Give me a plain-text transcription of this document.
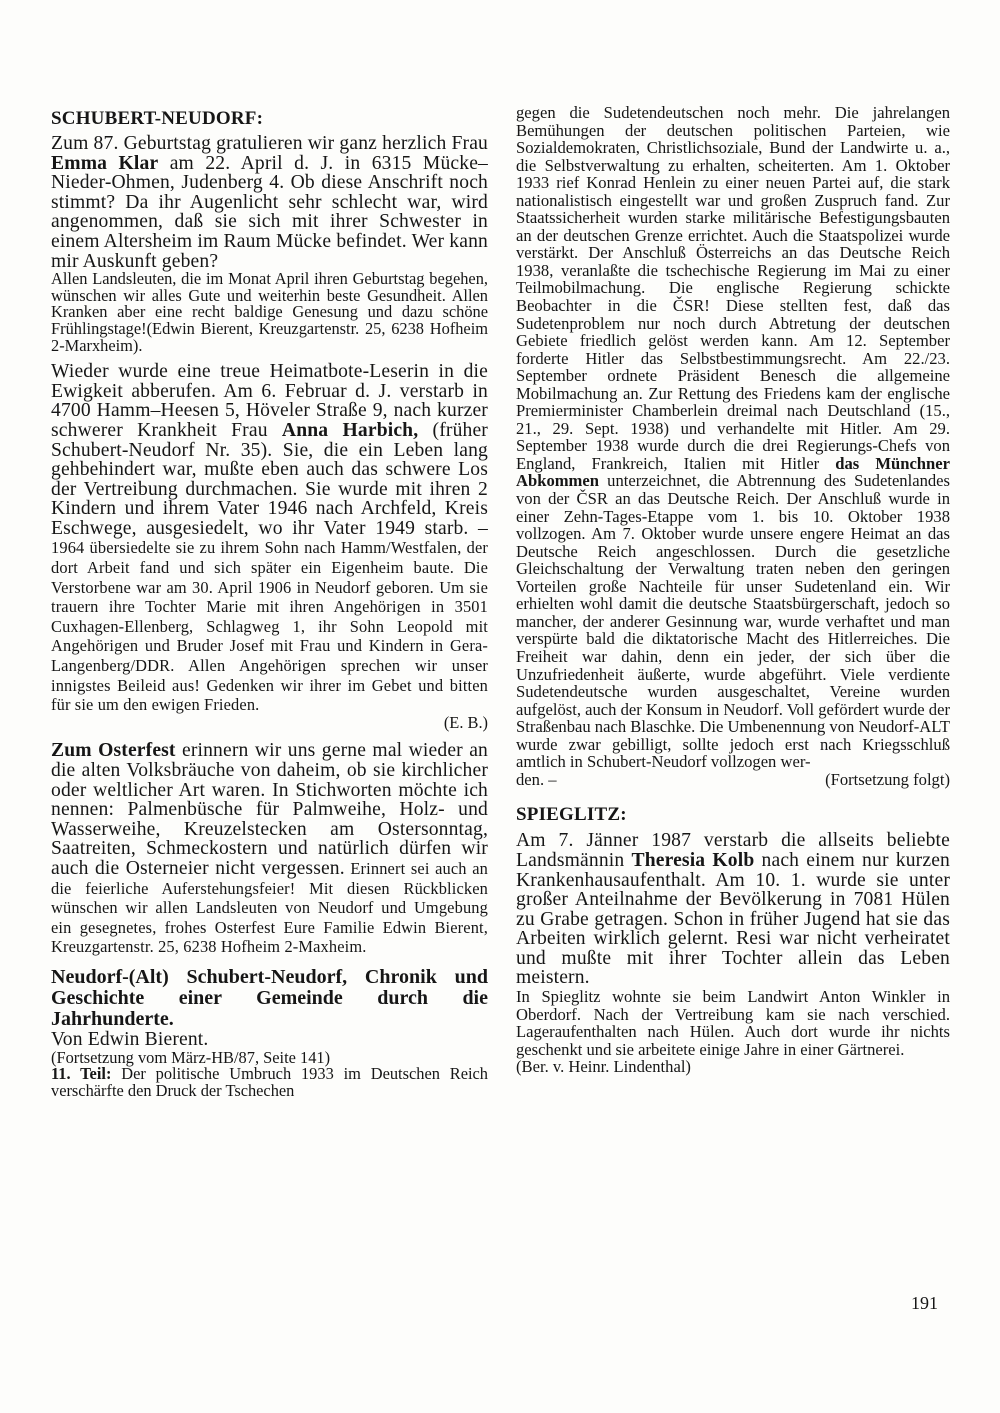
SCHUBERT-NEUDORF:

Zum 87. Geburtstag gratulieren wir ganz herzlich Frau Emma Klar am 22. April d. J. in 6315 Mücke–Nieder-Ohmen, Judenberg 4. Ob diese Anschrift noch stimmt? Da ihr Augenlicht sehr schlecht war, wird angenommen, daß sie sich mit ihrer Schwester in einem Altersheim im Raum Mücke befindet. Wer kann mir Auskunft geben?

Allen Landsleuten, die im Monat April ihren Geburtstag begehen, wünschen wir alles Gute und weiterhin beste Gesundheit. Allen Kranken aber eine recht baldige Genesung und dazu schöne Frühlingstage!(Edwin Bierent, Kreuzgartenstr. 25, 6238 Hofheim 2-Marxheim).

Wieder wurde eine treue Heimatbote-Leserin in die Ewigkeit abberufen. Am 6. Februar d. J. verstarb in 4700 Hamm–Heesen 5, Höveler Straße 9, nach kurzer schwerer Krankheit Frau Anna Harbich, (früher Schubert-Neudorf Nr. 35). Sie, die ein Leben lang gehbehindert war, mußte eben auch das schwere Los der Vertreibung durchmachen. Sie wurde mit ihren 2 Kindern und ihrem Vater 1946 nach Archfeld, Kreis Eschwege, ausgesiedelt, wo ihr Vater 1949 starb. – 1964 übersiedelte sie zu ihrem Sohn nach Hamm/Westfalen, der dort Arbeit fand und sich später ein Eigenheim baute. Die Verstorbene war am 30. April 1906 in Neudorf geboren. Um sie trauern ihre Tochter Marie mit ihren Angehörigen in 3501 Cuxhagen-Ellenberg, Schlagweg 1, ihr Sohn Leopold mit Angehörigen und Bruder Josef mit Frau und Kindern in Gera-Langenberg/DDR. Allen Angehörigen sprechen wir unser innigstes Beileid aus! Gedenken wir ihrer im Gebet und bitten für sie um den ewigen Frieden.

(E. B.)

Zum Osterfest erinnern wir uns gerne mal wieder an die alten Volksbräuche von daheim, ob sie kirchlicher oder weltlicher Art waren. In Stichworten möchte ich nennen: Palmenbüsche für Palmweihe, Holz- und Wasserweihe, Kreuzelstecken am Ostersonntag, Saatreiten, Schmeckostern und natürlich dürfen wir auch die Osterneier nicht vergessen. Erinnert sei auch an die feierliche Auferstehungsfeier! Mit diesen Rückblicken wünschen wir allen Landsleuten von Neudorf und Umgebung ein gesegnetes, frohes Osterfest Eure Familie Edwin Bierent, Kreuzgartenstr. 25, 6238 Hofheim 2-Maxheim.

Neudorf-(Alt) Schubert-Neudorf, Chronik und Geschichte einer Gemeinde durch die Jahrhunderte.

Von Edwin Bierent.

(Fortsetzung vom März-HB/87, Seite 141)

11. Teil: Der politische Umbruch 1933 im Deutschen Reich verschärfte den Druck der Tschechen

gegen die Sudetendeutschen noch mehr. Die jahrelangen Bemühungen der deutschen politischen Parteien, wie Sozialdemokraten, Christlichsoziale, Bund der Landwirte u. a., die Selbstverwaltung zu erhalten, scheiterten. Am 1. Oktober 1933 rief Konrad Henlein zu einer neuen Partei auf, die stark nationalistisch eingestellt war und großen Zuspruch fand. Zur Staatssicherheit wurden starke militärische Befestigungsbauten an der deutschen Grenze errichtet. Auch die Staatspolizei wurde verstärkt. Der Anschluß Österreichs an das Deutsche Reich 1938, veranlaßte die tschechische Regierung im Mai zu einer Teilmobilmachung. Die englische Regierung schickte Beobachter in die ČSR! Diese stellten fest, daß das Sudetenproblem nur noch durch Abtretung der deutschen Gebiete friedlich gelöst werden kann. Am 12. September forderte Hitler das Selbstbestimmungsrecht. Am 22./23. September ordnete Präsident Benesch die allgemeine Mobilmachung an. Zur Rettung des Friedens kam der englische Premierminister Chamberlein dreimal nach Deutschland (15., 21., 29. Sept. 1938) und verhandelte mit Hitler. Am 29. September 1938 wurde durch die drei Regierungs-Chefs von England, Frankreich, Italien mit Hitler das Münchner Abkommen unterzeichnet, die Abtrennung des Sudetenlandes von der ČSR an das Deutsche Reich. Der Anschluß wurde in einer Zehn-Tages-Etappe vom 1. bis 10. Oktober 1938 vollzogen. Am 7. Oktober wurde unsere engere Heimat an das Deutsche Reich angeschlossen. Durch die gesetzliche Gleichschaltung der Verwaltung traten neben den geringen Vorteilen große Nachteile für unser Sudetenland ein. Wir erhielten wohl damit die deutsche Staatsbürgerschaft, jedoch so mancher, der anderer Gesinnung war, wurde verhaftet und man verspürte bald die diktatorische Macht des Hitlerreiches. Die Freiheit war dahin, denn ein jeder, der sich über die Unzufriedenheit äußerte, wurde abgeführt. Viele verdiente Sudetendeutsche wurden ausgeschaltet, Vereine wurden aufgelöst, auch der Konsum in Neudorf. Voll gefördert wurde der Straßenbau nach Blaschke. Die Umbenennung von Neudorf-ALT wurde zwar gebilligt, sollte jedoch erst nach Kriegsschluß amtlich in Schubert-Neudorf vollzogen wer-

den. –	(Fortsetzung folgt)
SPIEGLITZ:

Am 7. Jänner 1987 verstarb die allseits beliebte Landsmännin Theresia Kolb nach einem nur kurzen Krankenhausaufenthalt. Am 10. 1. wurde sie unter großer Anteilnahme der Bevölkerung in 7081 Hülen zu Grabe getragen. Schon in früher Jugend hat sie das Arbeiten wirklich gelernt. Resi war nicht verheiratet und mußte mit ihrer Tochter allein das Leben meistern.

In Spieglitz wohnte sie beim Landwirt Anton Winkler in Oberdorf. Nach der Vertreibung kam sie nach verschied. Lageraufenthalten nach Hülen. Auch dort wurde ihr nichts geschenkt und sie arbeitete einige Jahre in einer Gärtnerei.

(Ber. v. Heinr. Lindenthal)

191
